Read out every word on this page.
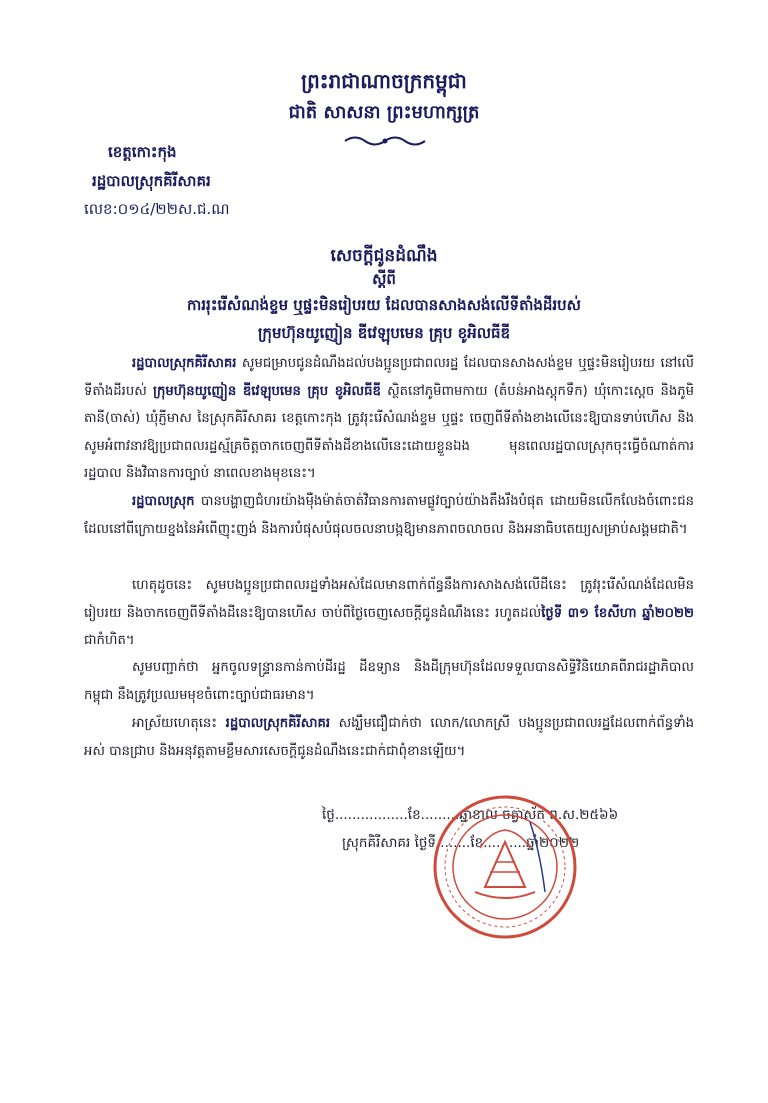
ព្រះរាជាណាចក្រកម្ពុជា
ជាតិ សាសនា ព្រះមហាក្សត្រ
ខេត្តកោះកុង
រដ្ឋបាលស្រុកគិរីសាគរ
លេខ:០១៤/២២ស.ជ.ណ
សេចក្តីជូនដំណឹង
ស្តីពី
ការរុះរើសំណង់ខ្ទម ឬផ្ទះមិនរៀបរយ ដែលបានសាងសង់លើទីតាំងដីរបស់
ក្រុមហ៊ុនយូញៀន ឌីវេឡុបមេន គ្រុប ខូអិលធីឌី
រដ្ឋបាលស្រុកគិរីសាគរ សូមជម្រាបជូនដំណឹងដល់បងប្អូនប្រជាពលរដ្ឋ ដែលបានសាងសង់ខ្ទម ឬផ្ទះមិនរៀបរយ នៅលើទីតាំងដីរបស់ ក្រុមហ៊ុនយូញៀន ឌីវេឡុបមេន គ្រុប ខូអិលធីឌី ស្ថិតនៅភូមិពាមកាយ (តំបន់អាងស្តុកទឹក) ឃុំកោះស្តេច និងភូមិតានី(ចាស់) ឃុំភ្ញីមាស នៃស្រុកគិរីសាគរ ខេត្តកោះកុង ត្រូវរុះរើសំណង់ខ្ទម ឬផ្ទះ ចេញពីទីតាំងខាងលើនេះឱ្យបានទាប់ហើស និងសូមអំពាវនាវឱ្យប្រជាពលរដ្ឋស្ម័គ្រចិត្តចាកចេញពីទីតាំងដីខាងលើនេះដោយខ្លួនឯង មុនពេលរដ្ឋបាលស្រុកចុះធ្វើចំណាត់ការរដ្ឋបាល និងវិធានការច្បាប់ នាពេលខាងមុខនេះ។
រដ្ឋបាលស្រុក បានបង្ហាញជំហរយ៉ាងម៉ឺងម៉ាត់ចាត់វិធានការតាមផ្លូវច្បាប់យ៉ាងតឹងរឹងបំផុត ដោយមិនលើកលែងចំពោះជនដែលនៅពីក្រោយខ្នងនៃអំពើញុះញង់ និងការបំផុសបំផុលចលនាបង្កឱ្យមានភាពចលាចល និងអនាធិបតេយ្យសម្រាប់សង្គមជាតិ។
ហេតុដូចនេះ សូមបងប្អូនប្រជាពលរដ្ឋទាំងអស់ដែលមានពាក់ព័ន្ធនឹងការសាងសង់លើដីនេះ ត្រូវរុះរើសំណង់ដែលមិនរៀបរយ និងចាកចេញពីទីតាំងដីនេះឱ្យបានហើស ចាប់ពីថ្ងៃចេញសេចក្តីជូនដំណឹងនេះ រហូតដល់ថ្ងៃទី ៣១ ខែសីហា ឆ្នាំ២០២២ ជាកំហិត។
សូមបញ្ជាក់ថា អ្នកចូលទន្ទ្រានកាន់កាប់ដីរដ្ឋ ដីឧទ្យាន និងដីក្រុមហ៊ុនដែលទទួលបានសិទ្ធិវិនិយោគពីរាជរដ្ឋាភិបាលកម្ពុជា នឹងត្រូវប្រឈមមុខចំពោះច្បាប់ជាធរមាន។
អាស្រ័យហេតុនេះ រដ្ឋបាលស្រុកគិរីសាគរ សង្ឃឹមជឿជាក់ថា លោក/លោកស្រី បងប្អូនប្រជាពលរដ្ឋដែលពាក់ព័ន្ធទាំងអស់ បានជ្រាប និងអនុវត្តតាមខ្លឹមសារសេចក្តីជូនដំណឹងនេះជាក់ជាពុំខានឡើយ។
ថ្ងៃ.................ខែ.........ឆ្នាំខាល ចត្វាស័ក ព.ស.២៥៦៦
ស្រុកគិរីសាគរ ថ្ងៃទី........ខែ..........ឆ្នាំ២០២២
